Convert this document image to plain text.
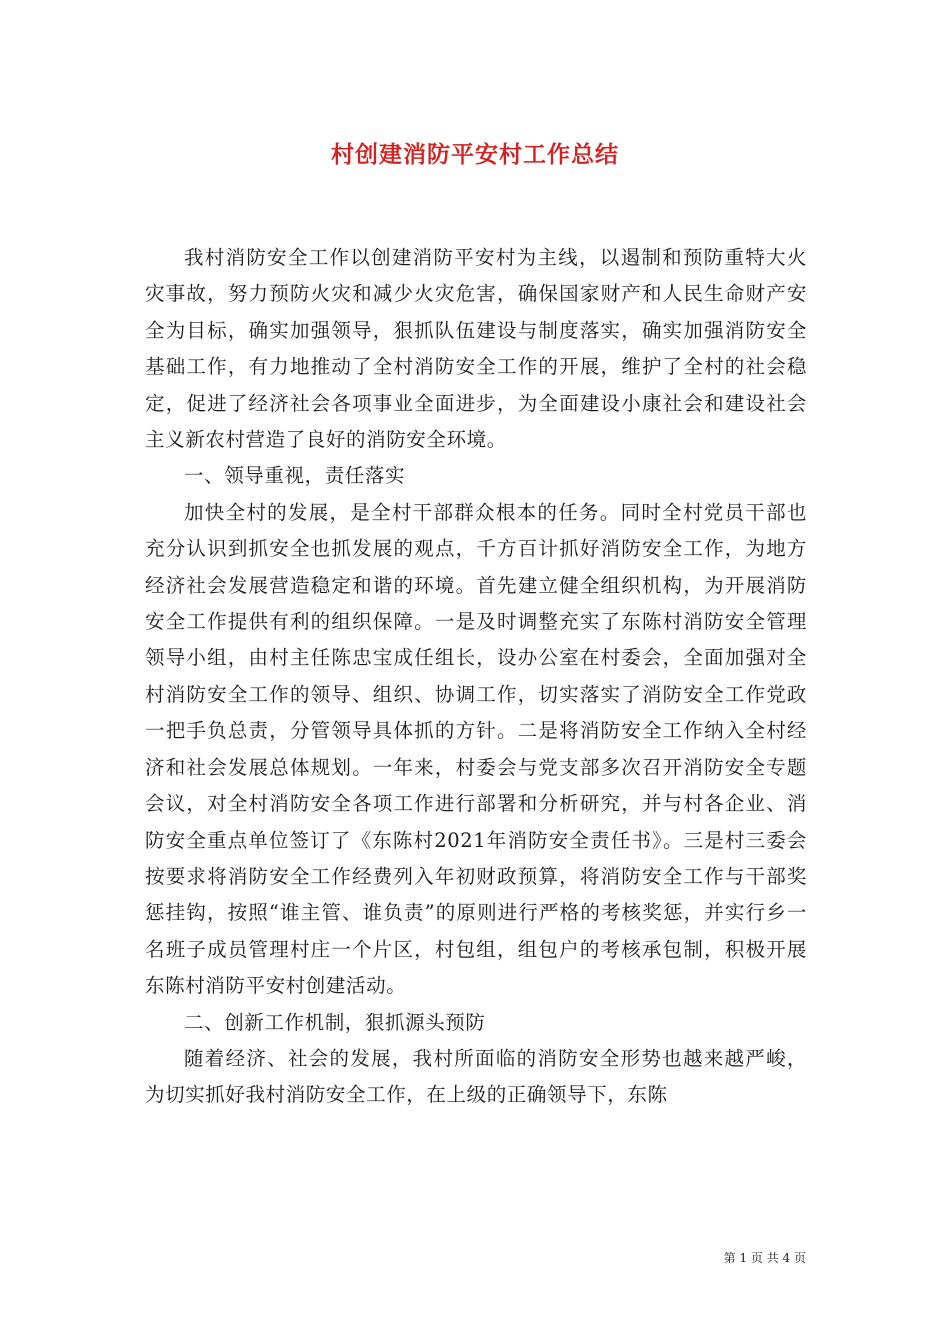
村创建消防平安村工作总结

我村消防安全工作以创建消防平安村为主线，以遏制和预防重特大火灾事故，努力预防火灾和减少火灾危害，确保国家财产和人民生命财产安全为目标，确实加强领导，狠抓队伍建设与制度落实，确实加强消防安全基础工作，有力地推动了全村消防安全工作的开展，维护了全村的社会稳定，促进了经济社会各项事业全面进步，为全面建设小康社会和建设社会主义新农村营造了良好的消防安全环境。

一、领导重视，责任落实

加快全村的发展，是全村干部群众根本的任务。同时全村党员干部也充分认识到抓安全也抓发展的观点，千方百计抓好消防安全工作，为地方经济社会发展营造稳定和谐的环境。首先建立健全组织机构，为开展消防安全工作提供有利的组织保障。一是及时调整充实了东陈村消防安全管理领导小组，由村主任陈忠宝成任组长，设办公室在村委会，全面加强对全村消防安全工作的领导、组织、协调工作，切实落实了消防安全工作党政一把手负总责，分管领导具体抓的方针。二是将消防安全工作纳入全村经济和社会发展总体规划。一年来，村委会与党支部多次召开消防安全专题会议，对全村消防安全各项工作进行部署和分析研究，并与村各企业、消防安全重点单位签订了《东陈村2021年消防安全责任书》。三是村三委会按要求将消防安全工作经费列入年初财政预算，将消防安全工作与干部奖惩挂钩，按照“谁主管、谁负责”的原则进行严格的考核奖惩，并实行乡一名班子成员管理村庄一个片区，村包组，组包户的考核承包制，积极开展东陈村消防平安村创建活动。

二、创新工作机制，狠抓源头预防

随着经济、社会的发展，我村所面临的消防安全形势也越来越严峻，为切实抓好我村消防安全工作，在上级的正确领导下，东陈

第 1 页 共 4 页
